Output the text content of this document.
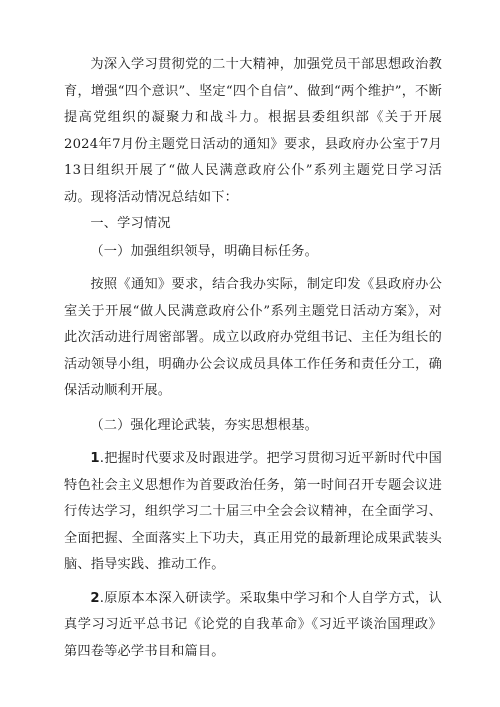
为深入学习贯彻党的二十大精神，加强党员干部思想政治教育，增强“四个意识”、坚定“四个自信”、做到“两个维护”，不断提高党组织的凝聚力和战斗力。根据县委组织部《关于开展2024年7月份主题党日活动的通知》要求，县政府办公室于7月13日组织开展了“做人民满意政府公仆”系列主题党日学习活动。现将活动情况总结如下：

一、学习情况

（一）加强组织领导，明确目标任务。

按照《通知》要求，结合我办实际，制定印发《县政府办公室关于开展“做人民满意政府公仆”系列主题党日活动方案》，对此次活动进行周密部署。成立以政府办党组书记、主任为组长的活动领导小组，明确办公会议成员具体工作任务和责任分工，确保活动顺利开展。

（二）强化理论武装，夯实思想根基。

1.把握时代要求及时跟进学。把学习贯彻习近平新时代中国特色社会主义思想作为首要政治任务，第一时间召开专题会议进行传达学习，组织学习二十届三中全会会议精神，在全面学习、全面把握、全面落实上下功夫，真正用党的最新理论成果武装头脑、指导实践、推动工作。

2.原原本本深入研读学。采取集中学习和个人自学方式，认真学习习近平总书记《论党的自我革命》《习近平谈治国理政》第四卷等必学书目和篇目。
